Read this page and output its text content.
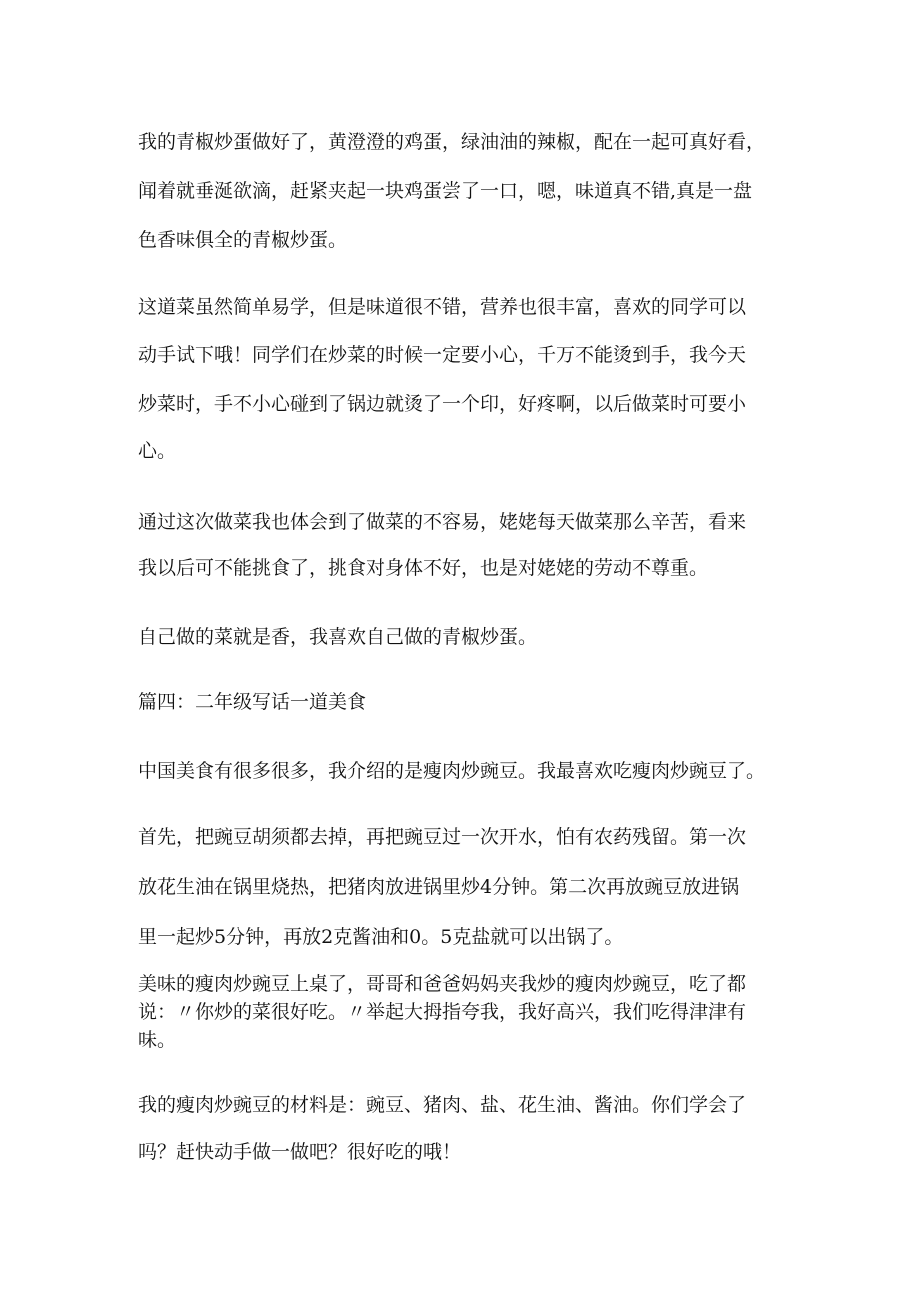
我的青椒炒蛋做好了，黄澄澄的鸡蛋，绿油油的辣椒，配在一起可真好看，

闻着就垂涎欲滴，赶紧夹起一块鸡蛋尝了一口，嗯，味道真不错,真是一盘

色香味俱全的青椒炒蛋。

这道菜虽然简单易学，但是味道很不错，营养也很丰富，喜欢的同学可以

动手试下哦！同学们在炒菜的时候一定要小心，千万不能烫到手，我今天

炒菜时，手不小心碰到了锅边就烫了一个印，好疼啊，以后做菜时可要小

心。

通过这次做菜我也体会到了做菜的不容易，姥姥每天做菜那么辛苦，看来

我以后可不能挑食了，挑食对身体不好，也是对姥姥的劳动不尊重。

自己做的菜就是香，我喜欢自己做的青椒炒蛋。

篇四：二年级写话一道美食

中国美食有很多很多，我介绍的是瘦肉炒豌豆。我最喜欢吃瘦肉炒豌豆了。

首先，把豌豆胡须都去掉，再把豌豆过一次开水，怕有农药残留。第一次

放花生油在锅里烧热，把猪肉放进锅里炒4分钟。第二次再放豌豆放进锅

里一起炒5分钟，再放2克酱油和0。5克盐就可以出锅了。

美味的瘦肉炒豌豆上桌了，哥哥和爸爸妈妈夹我炒的瘦肉炒豌豆，吃了都

说：〃你炒的菜很好吃。〃举起大拇指夸我，我好高兴，我们吃得津津有

味。

我的瘦肉炒豌豆的材料是：豌豆、猪肉、盐、花生油、酱油。你们学会了

吗？赶快动手做一做吧？很好吃的哦！
